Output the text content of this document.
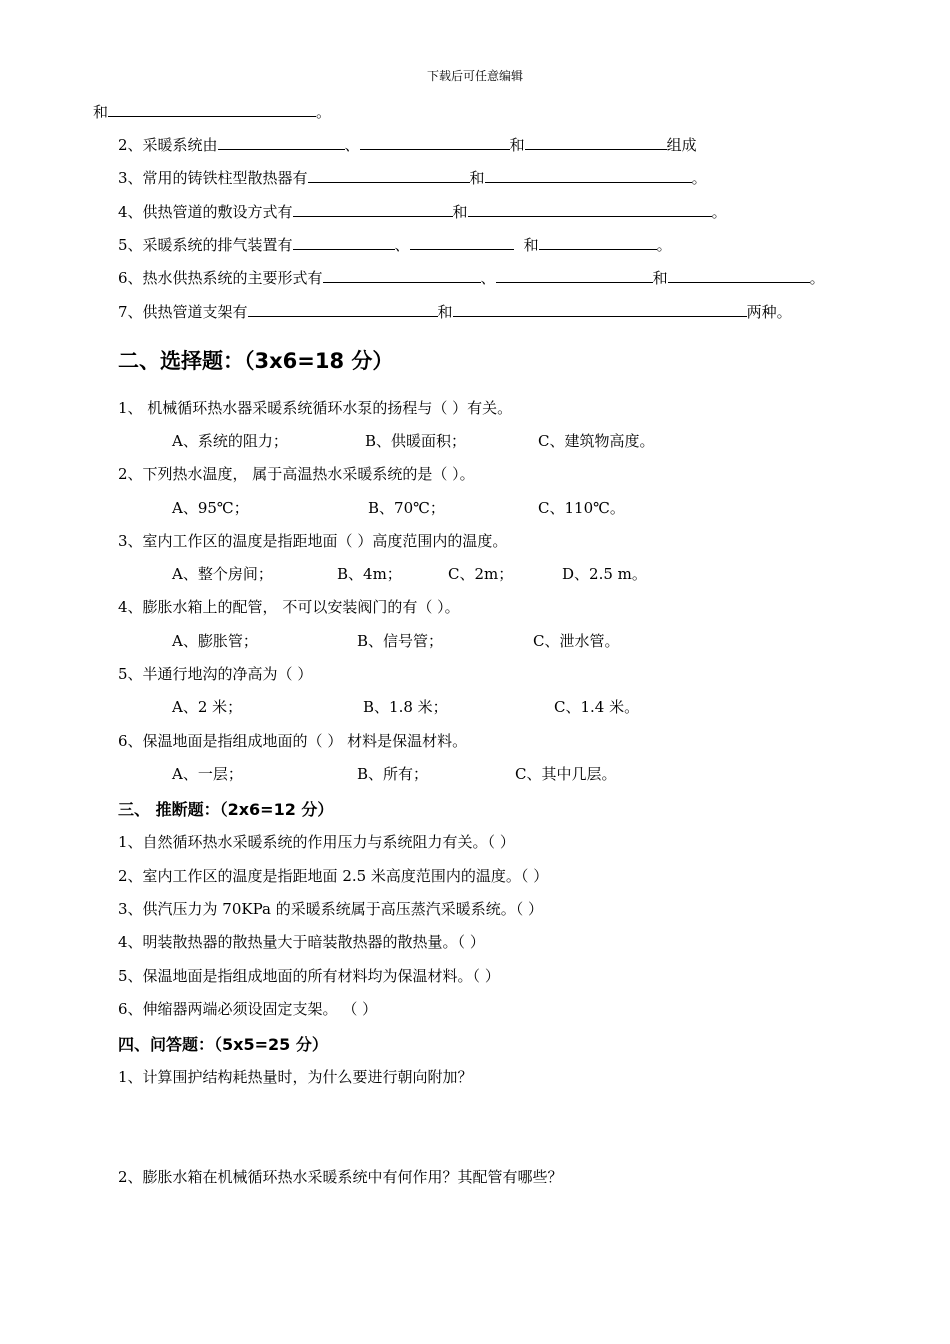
下载后可任意编辑
和	。
2、采暖系统由	、	和	组成
3、常用的铸铁柱型散热器有	和	。
4、供热管道的敷设方式有	和	。
5、采暖系统的排气装置有	、	和	。
6、热水供热系统的主要形式有	、	和	。
7、供热管道支架有	和	两种。
二、选择题：（3x6=18 分）
1、 机械循环热水器采暖系统循环水泵的扬程与（ ）有关。
A、系统的阻力；	B、供暖面积；	C、建筑物高度。
2、下列热水温度， 属于高温热水采暖系统的是（ ）。
A、95℃；	B、70℃；	C、110℃。
3、室内工作区的温度是指距地面（ ）高度范围内的温度。
A、整个房间；	B、4m；	C、2m；	D、2.5 m。
4、膨胀水箱上的配管， 不可以安装阀门的有（ ）。
A、膨胀管；	B、信号管；	C、泄水管。
5、半通行地沟的净高为（ ）
A、2 米；	B、1.8 米；	C、1.4 米。
6、保温地面是指组成地面的（ ） 材料是保温材料。
A、一层；	B、所有；	C、其中几层。
三、 推断题：（2x6=12 分）
1、自然循环热水采暖系统的作用压力与系统阻力有关。（ ）
2、室内工作区的温度是指距地面 2.5 米高度范围内的温度。（ ）
3、供汽压力为 70KPa 的采暖系统属于高压蒸汽采暖系统。（ ）
4、明装散热器的散热量大于暗装散热器的散热量。（ ）
5、保温地面是指组成地面的所有材料均为保温材料。（ ）
6、伸缩器两端必须设固定支架。 （ ）
四、问答题：（5x5=25 分）
1、计算围护结构耗热量时，为什么要进行朝向附加？
2、膨胀水箱在机械循环热水采暖系统中有何作用？其配管有哪些？
